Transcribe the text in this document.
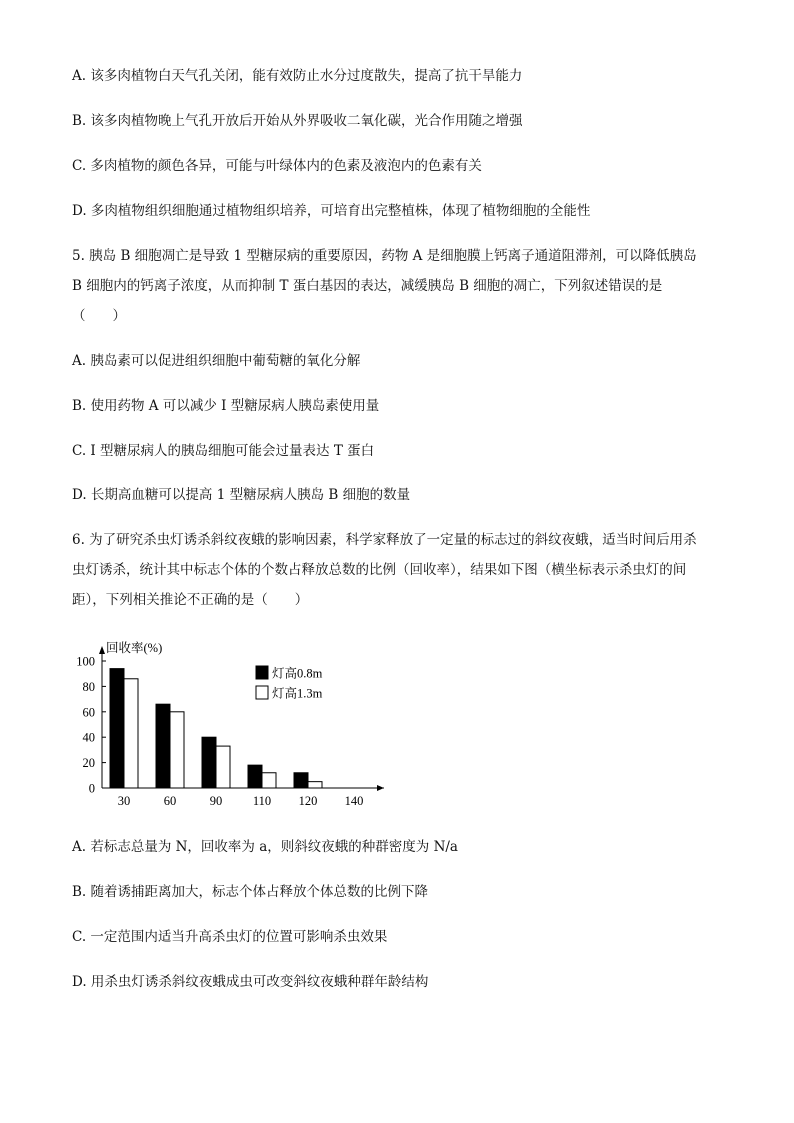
A. 该多肉植物白天气孔关闭，能有效防止水分过度散失，提高了抗干旱能力
B. 该多肉植物晚上气孔开放后开始从外界吸收二氧化碳，光合作用随之增强
C. 多肉植物的颜色各异，可能与叶绿体内的色素及液泡内的色素有关
D. 多肉植物组织细胞通过植物组织培养，可培育出完整植株，体现了植物细胞的全能性
5. 胰岛 B 细胞凋亡是导致 1 型糖尿病的重要原因，药物 A 是细胞膜上钙离子通道阻滞剂，可以降低胰岛
B 细胞内的钙离子浓度，从而抑制 T 蛋白基因的表达，减缓胰岛 B 细胞的凋亡，下列叙述错误的是
（　　）
A. 胰岛素可以促进组织细胞中葡萄糖的氧化分解
B. 使用药物 A 可以减少 I 型糖尿病人胰岛素使用量
C. I 型糖尿病人的胰岛细胞可能会过量表达 T 蛋白
D. 长期高血糖可以提高 1 型糖尿病人胰岛 B 细胞的数量
6. 为了研究杀虫灯诱杀斜纹夜蛾的影响因素，科学家释放了一定量的标志过的斜纹夜蛾，适当时间后用杀
虫灯诱杀，统计其中标志个体的个数占释放总数的比例（回收率），结果如下图（横坐标表示杀虫灯的间
距），下列相关推论不正确的是（　　）
回收率(%)
0
20
40
60
80
100
30	60	90 110 120 140
灯高0.8m
灯高1.3m
A. 若标志总量为 N，回收率为 a，则斜纹夜蛾的种群密度为 N/a
B. 随着诱捕距离加大，标志个体占释放个体总数的比例下降
C. 一定范围内适当升高杀虫灯的位置可影响杀虫效果
D. 用杀虫灯诱杀斜纹夜蛾成虫可改变斜纹夜蛾种群年龄结构
